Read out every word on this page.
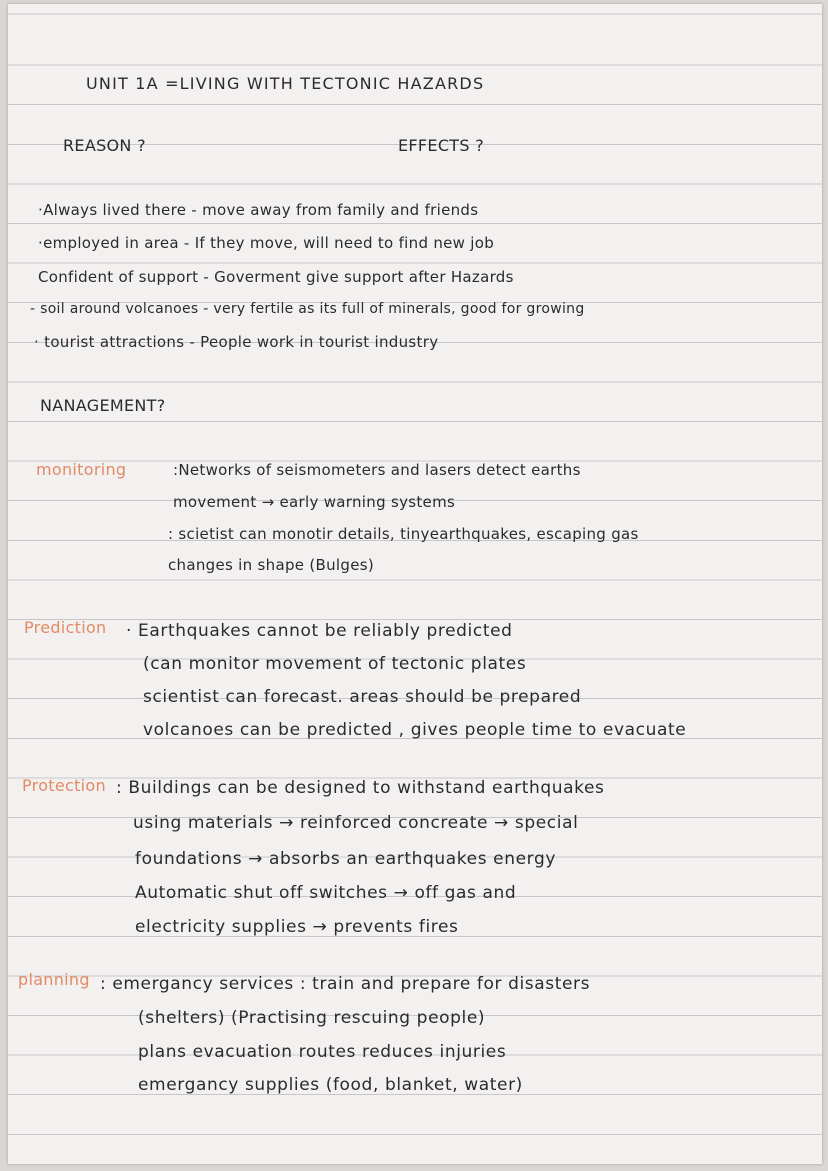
UNIT 1A =LIVING WITH TECTONIC HAZARDS
REASON ?	EFFECTS ?
·Always lived there - move away from family and friends
·employed in area - If they move, will need to find new job
Confident of support - Goverment give support after Hazards
- soil around volcanoes - very fertile as its full of minerals, good for growing
· tourist attractions - People work in tourist industry
NANAGEMENT?
monitoring	:Networks of seismometers and lasers detect earths
movement → early warning systems
: scietist can monotir details, tinyearthquakes, escaping gas
changes in shape (Bulges)
Prediction · Earthquakes cannot be reliably predicted
(can monitor movement of tectonic plates
scientist can forecast. areas should be prepared
volcanoes can be predicted , gives people time to evacuate
Protection : Buildings can be designed to withstand earthquakes
using materials → reinforced concreate → special
foundations → absorbs an earthquakes energy
Automatic shut off switches → off gas and
electricity supplies → prevents fires
planning : emergancy services : train and prepare for disasters
(shelters) (Practising rescuing people)
plans evacuation routes reduces injuries
emergancy supplies (food, blanket, water)
